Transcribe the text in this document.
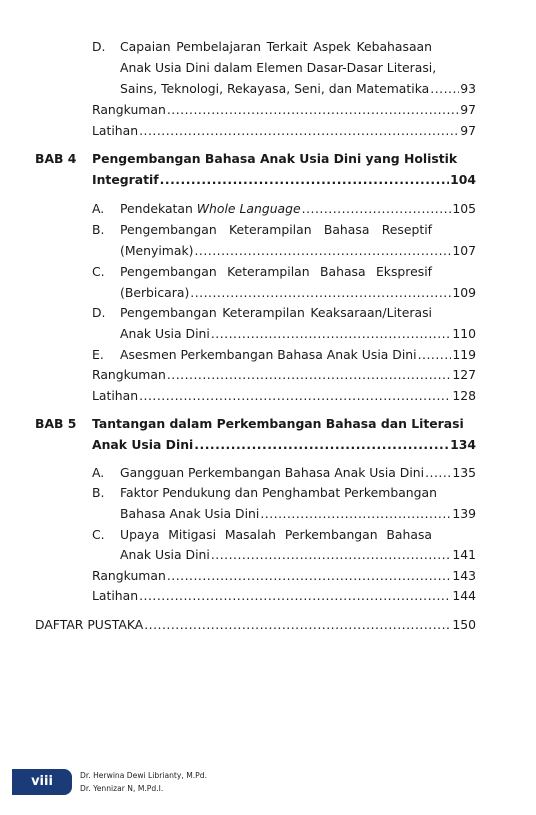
D. Capaian Pembelajaran Terkait Aspek Kebahasaan
Anak Usia Dini dalam Elemen Dasar-Dasar Literasi,
Sains, Teknologi, Rekayasa, Seni, dan Matematika ..... 93
Rangkuman .....	97
Latihan .....	97
BAB 4 Pengembangan Bahasa Anak Usia Dini yang Holistik
Integratif .....	104
A. Pendekatan Whole Language .....	105
B. Pengembangan Keterampilan Bahasa Reseptif
(Menyimak) .....	107
C. Pengembangan Keterampilan Bahasa Ekspresif
(Berbicara) .....	109
D. Pengembangan Keterampilan Keaksaraan/Literasi
Anak Usia Dini .....	110
E. Asesmen Perkembangan Bahasa Anak Usia Dini .....	119
Rangkuman .....	127
Latihan .....	128
BAB 5 Tantangan dalam Perkembangan Bahasa dan Literasi
Anak Usia Dini .....	134
A. Gangguan Perkembangan Bahasa Anak Usia Dini ..... 135
B. Faktor Pendukung dan Penghambat Perkembangan
Bahasa Anak Usia Dini .....	139
C. Upaya Mitigasi Masalah Perkembangan Bahasa
Anak Usia Dini .....	141
Rangkuman .....	143
Latihan .....	144
DAFTAR PUSTAKA .....	150
viii	Dr. Herwina Dewi Librianty, M.Pd.
Dr. Yennizar N, M.Pd.I.
